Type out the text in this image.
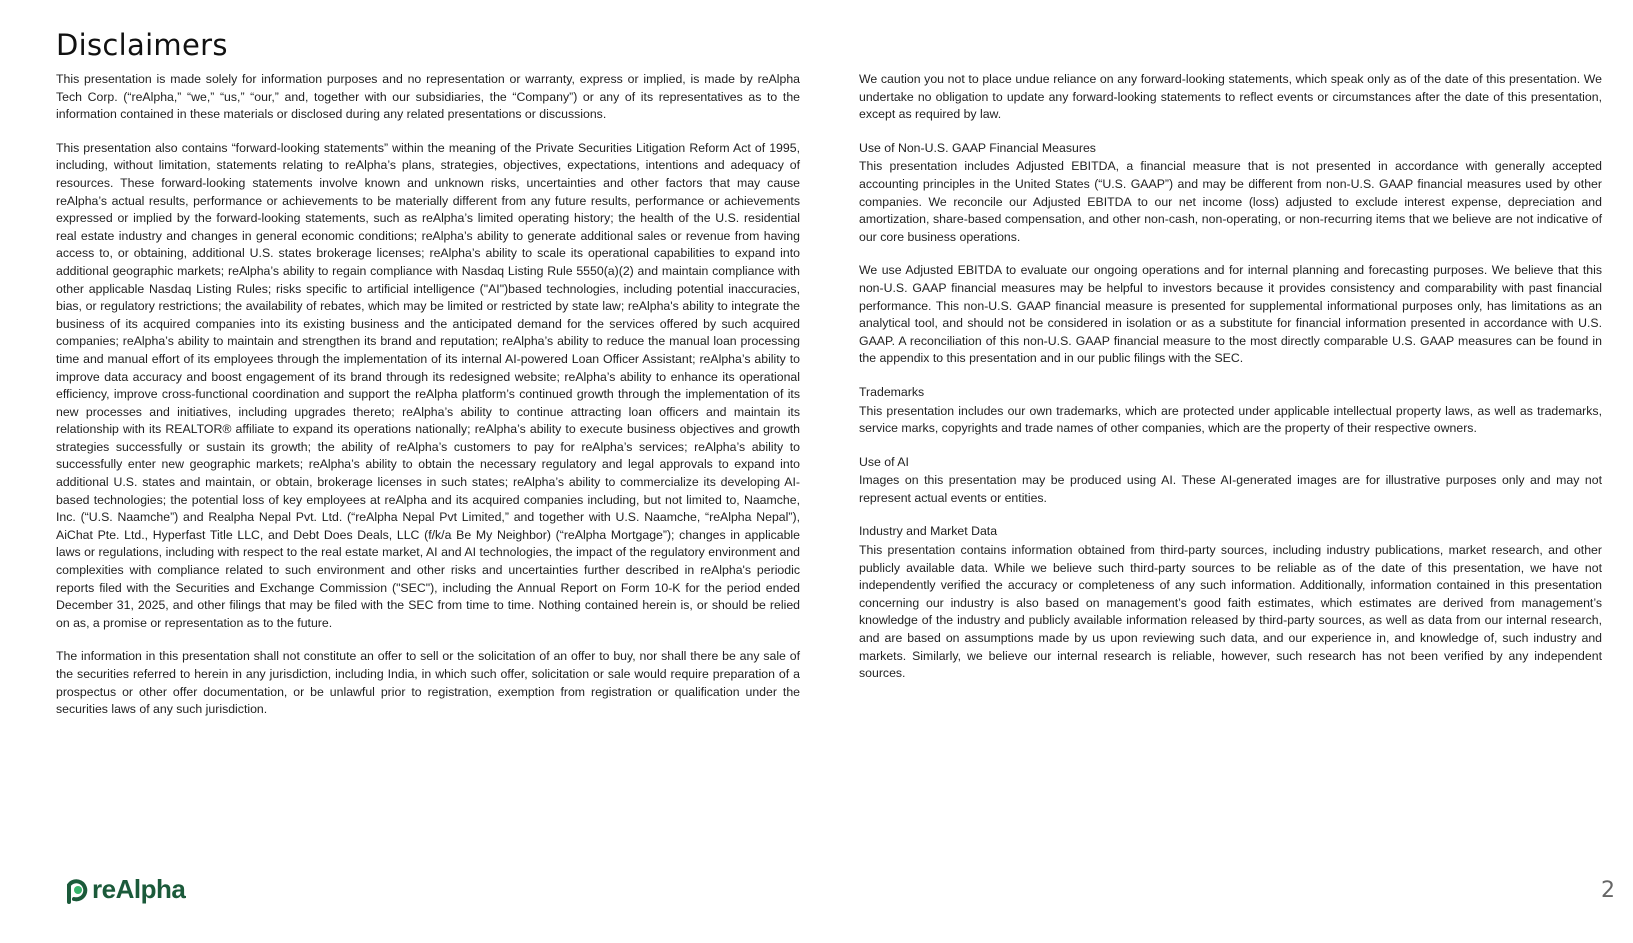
Disclaimers

This presentation is made solely for information purposes and no representation or warranty, express or implied, is made by reAlpha Tech Corp. (“reAlpha,” “we,” “us,” “our,” and, together with our subsidiaries, the “Company”) or any of its representatives as to the information contained in these materials or disclosed during any related presentations or discussions.

This presentation also contains “forward-looking statements” within the meaning of the Private Securities Litigation Reform Act of 1995, including, without limitation, statements relating to reAlpha’s plans, strategies, objectives, expectations, intentions and adequacy of resources. These forward-looking statements involve known and unknown risks, uncertainties and other factors that may cause reAlpha’s actual results, performance or achievements to be materially different from any future results, performance or achievements expressed or implied by the forward-looking statements, such as reAlpha’s limited operating history; the health of the U.S. residential real estate industry and changes in general economic conditions; reAlpha’s ability to generate additional sales or revenue from having access to, or obtaining, additional U.S. states brokerage licenses; reAlpha’s ability to scale its operational capabilities to expand into additional geographic markets; reAlpha’s ability to regain compliance with Nasdaq Listing Rule 5550(a)(2) and maintain compliance with other applicable Nasdaq Listing Rules; risks specific to artificial intelligence ("AI")based technologies, including potential inaccuracies, bias, or regulatory restrictions; the availability of rebates, which may be limited or restricted by state law; reAlpha's ability to integrate the business of its acquired companies into its existing business and the anticipated demand for the services offered by such acquired companies; reAlpha’s ability to maintain and strengthen its brand and reputation; reAlpha’s ability to reduce the manual loan processing time and manual effort of its employees through the implementation of its internal AI-powered Loan Officer Assistant; reAlpha’s ability to improve data accuracy and boost engagement of its brand through its redesigned website; reAlpha’s ability to enhance its operational efficiency, improve cross-functional coordination and support the reAlpha platform’s continued growth through the implementation of its new processes and initiatives, including upgrades thereto; reAlpha’s ability to continue attracting loan officers and maintain its relationship with its REALTOR® affiliate to expand its operations nationally; reAlpha’s ability to execute business objectives and growth strategies successfully or sustain its growth; the ability of reAlpha’s customers to pay for reAlpha’s services; reAlpha’s ability to successfully enter new geographic markets; reAlpha’s ability to obtain the necessary regulatory and legal approvals to expand into additional U.S. states and maintain, or obtain, brokerage licenses in such states; reAlpha’s ability to commercialize its developing AI-based technologies; the potential loss of key employees at reAlpha and its acquired companies including, but not limited to, Naamche, Inc. (“U.S. Naamche”) and Realpha Nepal Pvt. Ltd. (“reAlpha Nepal Pvt Limited,” and together with U.S. Naamche, “reAlpha Nepal”), AiChat Pte. Ltd., Hyperfast Title LLC, and Debt Does Deals, LLC (f/k/a Be My Neighbor) (“reAlpha Mortgage”); changes in applicable laws or regulations, including with respect to the real estate market, AI and AI technologies, the impact of the regulatory environment and complexities with compliance related to such environment and other risks and uncertainties further described in reAlpha's periodic reports filed with the Securities and Exchange Commission ("SEC"), including the Annual Report on Form 10-K for the period ended December 31, 2025, and other filings that may be filed with the SEC from time to time. Nothing contained herein is, or should be relied on as, a promise or representation as to the future.

The information in this presentation shall not constitute an offer to sell or the solicitation of an offer to buy, nor shall there be any sale of the securities referred to herein in any jurisdiction, including India, in which such offer, solicitation or sale would require preparation of a prospectus or other offer documentation, or be unlawful prior to registration, exemption from registration or qualification under the securities laws of any such jurisdiction.

We caution you not to place undue reliance on any forward-looking statements, which speak only as of the date of this presentation. We undertake no obligation to update any forward-looking statements to reflect events or circumstances after the date of this presentation, except as required by law.

Use of Non-U.S. GAAP Financial Measures

This presentation includes Adjusted EBITDA, a financial measure that is not presented in accordance with generally accepted accounting principles in the United States (“U.S. GAAP”) and may be different from non-U.S. GAAP financial measures used by other companies. We reconcile our Adjusted EBITDA to our net income (loss) adjusted to exclude interest expense, depreciation and amortization, share-based compensation, and other non-cash, non-operating, or non-recurring items that we believe are not indicative of our core business operations.

We use Adjusted EBITDA to evaluate our ongoing operations and for internal planning and forecasting purposes. We believe that this non-U.S. GAAP financial measures may be helpful to investors because it provides consistency and comparability with past financial performance. This non-U.S. GAAP financial measure is presented for supplemental informational purposes only, has limitations as an analytical tool, and should not be considered in isolation or as a substitute for financial information presented in accordance with U.S. GAAP. A reconciliation of this non-U.S. GAAP financial measure to the most directly comparable U.S. GAAP measures can be found in the appendix to this presentation and in our public filings with the SEC.

Trademarks

This presentation includes our own trademarks, which are protected under applicable intellectual property laws, as well as trademarks, service marks, copyrights and trade names of other companies, which are the property of their respective owners.

Use of AI

Images on this presentation may be produced using AI. These AI-generated images are for illustrative purposes only and may not represent actual events or entities.

Industry and Market Data

This presentation contains information obtained from third-party sources, including industry publications, market research, and other publicly available data. While we believe such third-party sources to be reliable as of the date of this presentation, we have not independently verified the accuracy or completeness of any such information. Additionally, information contained in this presentation concerning our industry is also based on management’s good faith estimates, which estimates are derived from management’s knowledge of the industry and publicly available information released by third-party sources, as well as data from our internal research, and are based on assumptions made by us upon reviewing such data, and our experience in, and knowledge of, such industry and markets. Similarly, we believe our internal research is reliable, however, such research has not been verified by any independent sources.

reAlpha	2
